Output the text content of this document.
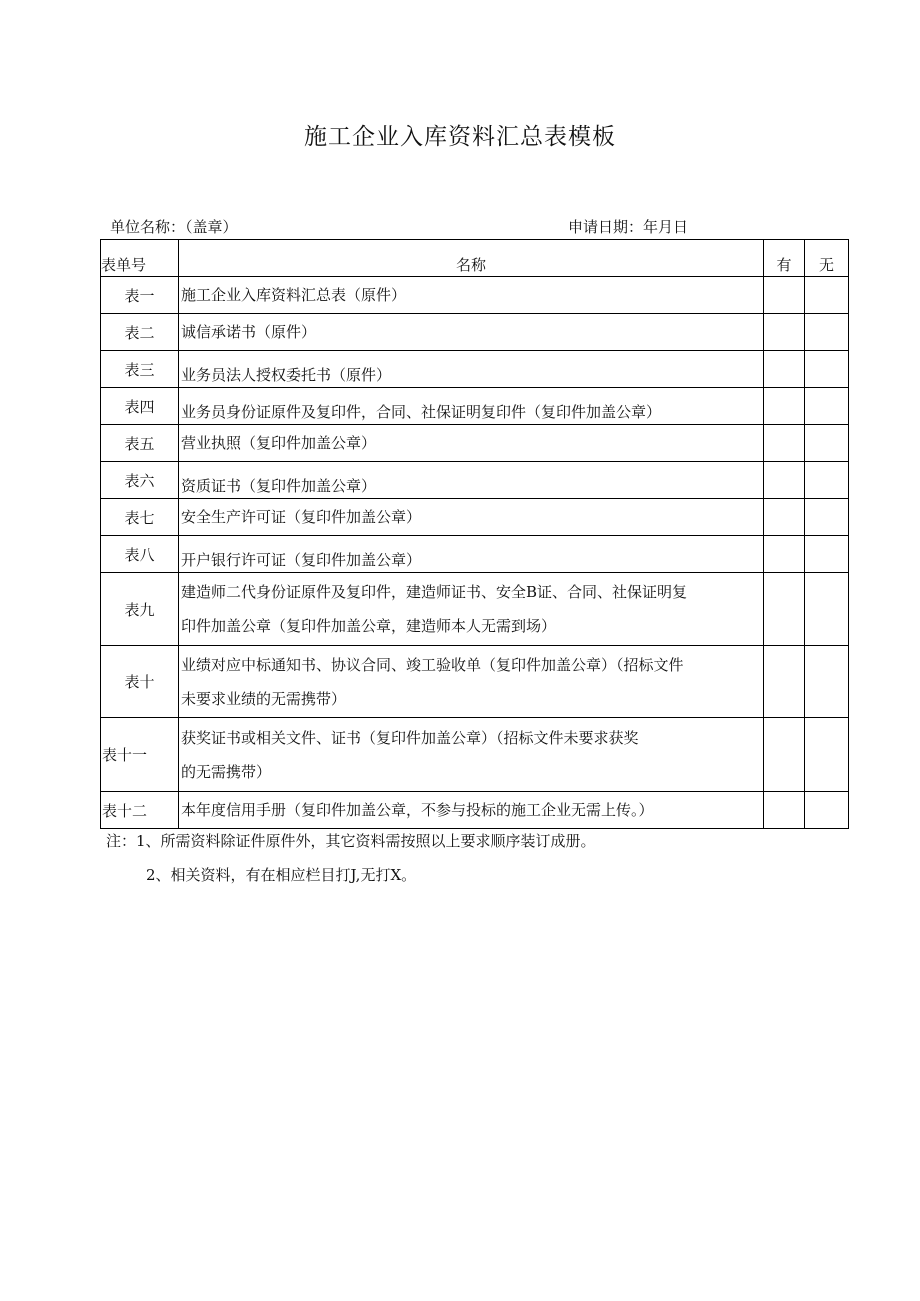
施工企业入库资料汇总表模板
单位名称：（盖章）	申请日期：年月日
表单号	名称	有	无
表一	施工企业入库资料汇总表（原件）		
表二	诚信承诺书（原件）		
表三	业务员法人授权委托书（原件）		
表四	业务员身份证原件及复印件，合同、社保证明复印件（复印件加盖公章）		
表五	营业执照（复印件加盖公章）		
表六	资质证书（复印件加盖公章）		
表七	安全生产许可证（复印件加盖公章）		
表八	开户银行许可证（复印件加盖公章）		
表九	建造师二代身份证原件及复印件，建造师证书、安全B证、合同、社保证明复
印件加盖公章（复印件加盖公章，建造师本人无需到场）		

表十	业绩对应中标通知书、协议合同、竣工验收单（复印件加盖公章）（招标文件
未要求业绩的无需携带）		

表十一	获奖证书或相关文件、证书（复印件加盖公章）（招标文件未要求获奖
的无需携带）		

表十二	本年度信用手册（复印件加盖公章，不参与投标的施工企业无需上传。）		
注：1、所需资料除证件原件外，其它资料需按照以上要求顺序装订成册。
2、相关资料，有在相应栏目打J,无打X。
